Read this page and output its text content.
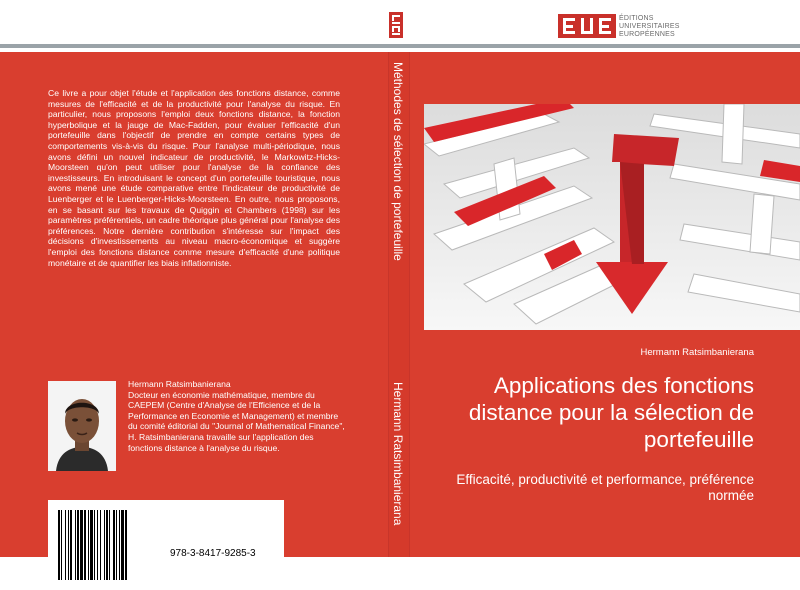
ÉDITIONS
UNIVERSITAIRES
EUROPÉENNES
Ce livre a pour objet l'étude et l'application des fonctions distance, comme mesures de l'efficacité et de la productivité pour l'analyse du risque. En particulier, nous proposons l'emploi deux fonctions distance, la fonction hyperbolique et la jauge de Mac-Fadden, pour évaluer l'efficacité d'un portefeuille dans l'objectif de prendre en compte certains types de comportements vis-à-vis du risque. Pour l'analyse multi-périodique, nous avons défini un nouvel indicateur de productivité, le Markowitz-Hicks-Moorsteen qu'on peut utiliser pour l'analyse de la confiance des investisseurs. En introduisant le concept d'un portefeuille touristique, nous avons mené une étude comparative entre l'indicateur de productivité de Luenberger et le Luenberger-Hicks-Moorsteen. En outre, nous proposons, en se basant sur les travaux de Quiggin et Chambers (1998) sur les paramètres préférentiels, un cadre théorique plus général pour l'analyse des préférences. Notre dernière contribution s'intéresse sur l'impact des décisions d'investissements au niveau macro-économique et suggère l'emploi des fonctions distance comme mesure d'efficacité d'une politique monétaire et de quantifier les biais inflationniste.
Hermann Ratsimbanierana
Docteur en économie mathématique, membre du CAEPEM (Centre d'Analyse de l'Efficience et de la Performance en Economie et Management) et membre du comité éditorial du "Journal of Mathematical Finance", H. Ratsimbanierana travaille sur l'application des fonctions distance à l'analyse du risque.
978-3-8417-9285-3
Hermann Ratsimbanierana
Applications des fonctions distance pour la sélection de portefeuille
Efficacité, productivité et performance, préférence normée
Méthodes de sélection de portefeuille
Hermann Ratsimbanierana
